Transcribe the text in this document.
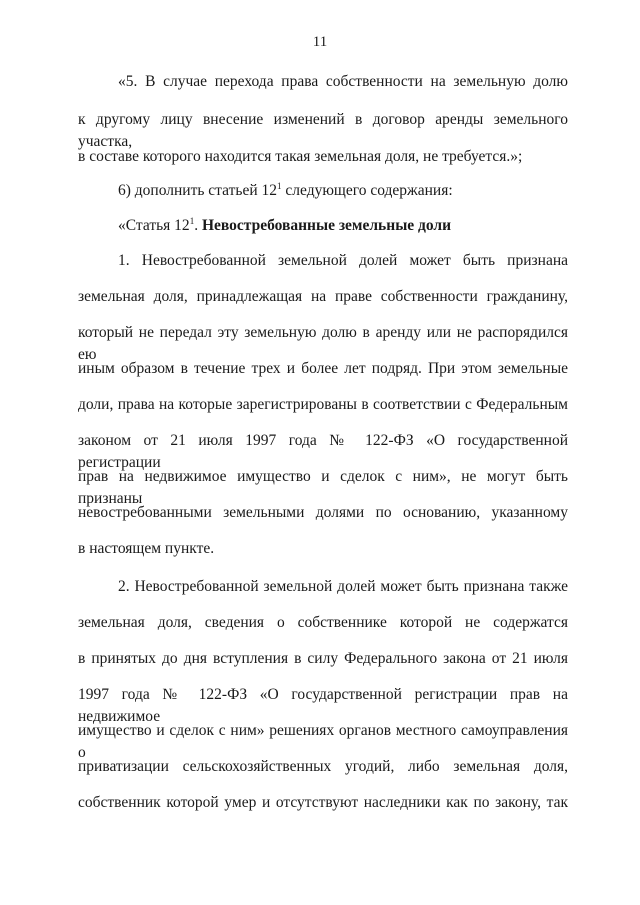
11
«5. В случае перехода права собственности на земельную долю
к другому лицу внесение изменений в договор аренды земельного участка,
в составе которого находится такая земельная доля, не требуется.»;
6) дополнить статьей $12^1$ следующего содержания:
«Статья $12^1$. Невостребованные земельные доли
1. Невостребованной земельной долей может быть признана
земельная доля, принадлежащая на праве собственности гражданину,
который не передал эту земельную долю в аренду или не распорядился ею
иным образом в течение трех и более лет подряд. При этом земельные
доли, права на которые зарегистрированы в соответствии с Федеральным
законом от 21 июля 1997 года № 122-ФЗ «О государственной регистрации
прав на недвижимое имущество и сделок с ним», не могут быть признаны
невостребованными земельными долями по основанию, указанному
в настоящем пункте.
2. Невостребованной земельной долей может быть признана также
земельная доля, сведения о собственнике которой не содержатся
в принятых до дня вступления в силу Федерального закона от 21 июля
1997 года № 122-ФЗ «О государственной регистрации прав на недвижимое
имущество и сделок с ним» решениях органов местного самоуправления о
приватизации сельскохозяйственных угодий, либо земельная доля,
собственник которой умер и отсутствуют наследники как по закону, так
